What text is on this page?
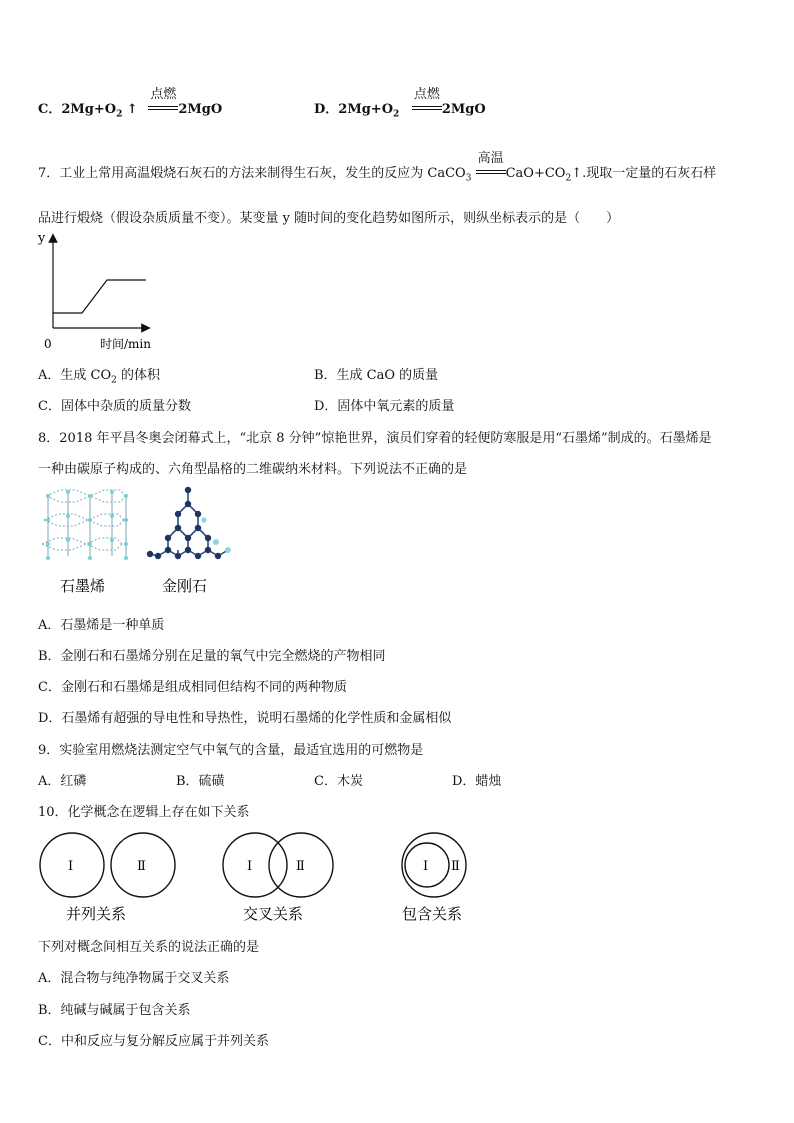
C．$2Mg+O_2$ ↑
点燃
2MgO	D．$2Mg+O_2$
点燃
2MgO
7．工业上常用高温煅烧石灰石的方法来制得生石灰，发生的反应为 CaCO$_3$
高温
$CaO+CO_2↑$.现取一定量的石灰石样
品进行煅烧（假设杂质质量不变）。某变量 y 随时间的变化趋势如图所示，则纵坐标表示的是（　　）
y
0	时间/min
A．生成 $CO_2$ 的体积	B．生成 CaO 的质量
C．固体中杂质的质量分数	D．固体中氧元素的质量
8．2018 年平昌冬奥会闭幕式上，“北京 8 分钟”惊艳世界，演员们穿着的轻便防寒服是用“石墨烯”制成的。石墨烯是
一种由碳原子构成的、六角型晶格的二维碳纳米材料。下列说法不正确的是
石墨烯	金刚石
A．石墨烯是一种单质
B．金刚石和石墨烯分别在足量的氧气中完全燃烧的产物相同
C．金刚石和石墨烯是组成相同但结构不同的两种物质
D．石墨烯有超强的导电性和导热性，说明石墨烯的化学性质和金属相似
9．实验室用燃烧法测定空气中氧气的含量，最适宜选用的可燃物是
A．红磷	B．硫磺	C．木炭	D．蜡烛
10．化学概念在逻辑上存在如下关系
Ⅰ	Ⅱ	Ⅰ	Ⅱ	Ⅰ Ⅱ
并列关系	交叉关系	包含关系
下列对概念间相互关系的说法正确的是
A．混合物与纯净物属于交叉关系
B．纯碱与碱属于包含关系
C．中和反应与复分解反应属于并列关系
